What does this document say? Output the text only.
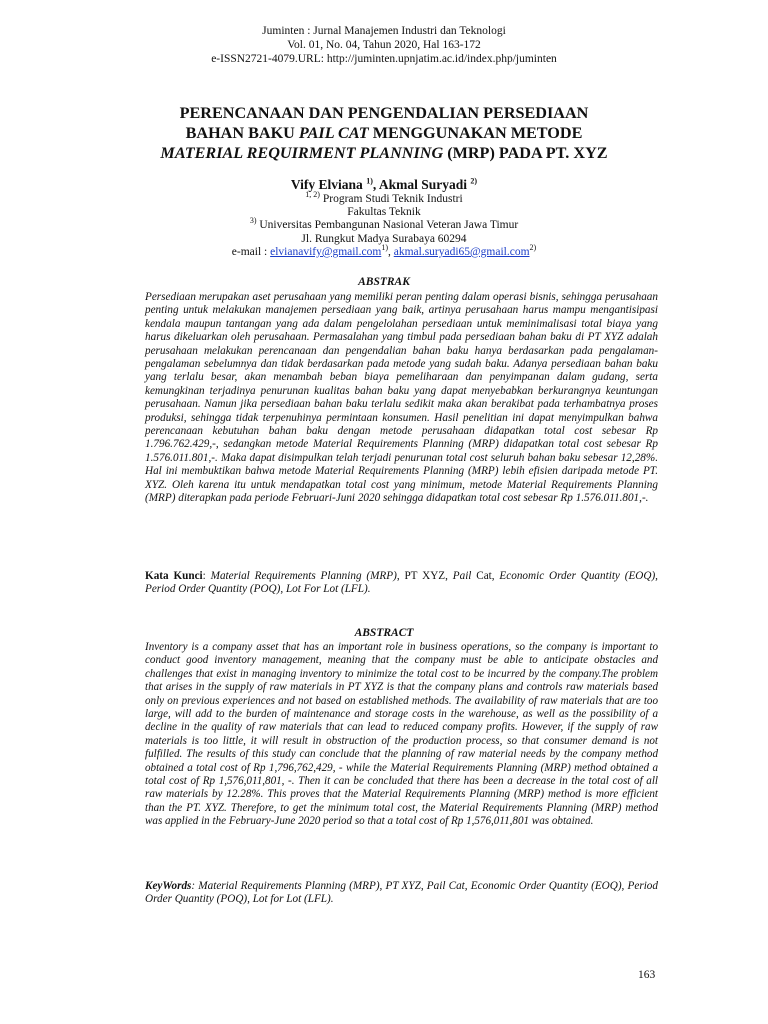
Juminten : Jurnal Manajemen Industri dan Teknologi
Vol. 01, No. 04, Tahun 2020, Hal 163-172
e-ISSN2721-4079.URL: http://juminten.upnjatim.ac.id/index.php/juminten
PERENCANAAN DAN PENGENDALIAN PERSEDIAAN
BAHAN BAKU PAIL CAT MENGGUNAKAN METODE
MATERIAL REQUIRMENT PLANNING (MRP) PADA PT. XYZ
Vify Elviana $^{1)}$, Akmal Suryadi $^{2)}$
$^{1, 2)}$ Program Studi Teknik Industri
Fakultas Teknik
$^{3)}$ Universitas Pembangunan Nasional Veteran Jawa Timur
Jl. Rungkut Madya Surabaya 60294
e-mail : elvianavify@gmail.com$^{1)}$, akmal.suryadi65@gmail.com$^{2)}$
ABSTRAK
Persediaan merupakan aset perusahaan yang memiliki peran penting dalam operasi bisnis, sehingga perusahaan penting untuk melakukan manajemen persediaan yang baik, artinya perusahaan harus mampu mengantisipasi kendala maupun tantangan yang ada dalam pengelolahan persediaan untuk meminimalisasi total biaya yang harus dikeluarkan oleh perusahaan. Permasalahan yang timbul pada persediaan bahan baku di PT XYZ adalah perusahaan melakukan perencanaan dan pengendalian bahan baku hanya berdasarkan pada pengalaman-pengalaman sebelumnya dan tidak berdasarkan pada metode yang sudah baku. Adanya persediaan bahan baku yang terlalu besar, akan menambah beban biaya pemeliharaan dan penyimpanan dalam gudang, serta kemungkinan terjadinya penurunan kualitas bahan baku yang dapat menyebabkan berkurangnya keuntungan perusahaan. Namun jika persediaan bahan baku terlalu sedikit maka akan berakibat pada terhambatnya proses produksi, sehingga tidak terpenuhinya permintaan konsumen. Hasil penelitian ini dapat menyimpulkan bahwa perencanaan kebutuhan bahan baku dengan metode perusahaan didapatkan total cost sebesar Rp 1.796.762.429,-, sedangkan metode Material Requirements Planning (MRP) didapatkan total cost sebesar Rp 1.576.011.801,-. Maka dapat disimpulkan telah terjadi penurunan total cost seluruh bahan baku sebesar 12,28%. Hal ini membuktikan bahwa metode Material Requirements Planning (MRP) lebih efisien daripada metode PT. XYZ. Oleh karena itu untuk mendapatkan total cost yang minimum, metode Material Requirements Planning (MRP) diterapkan pada periode Februari-Juni 2020 sehingga didapatkan total cost sebesar Rp 1.576.011.801,-.
Kata Kunci: Material Requirements Planning (MRP), PT XYZ, Pail Cat, Economic Order Quantity (EOQ), Period Order Quantity (POQ), Lot For Lot (LFL).
ABSTRACT
Inventory is a company asset that has an important role in business operations, so the company is important to conduct good inventory management, meaning that the company must be able to anticipate obstacles and challenges that exist in managing inventory to minimize the total cost to be incurred by the company.The problem that arises in the supply of raw materials in PT XYZ is that the company plans and controls raw materials based only on previous experiences and not based on established methods. The availability of raw materials that are too large, will add to the burden of maintenance and storage costs in the warehouse, as well as the possibility of a decline in the quality of raw materials that can lead to reduced company profits. However, if the supply of raw materials is too little, it will result in obstruction of the production process, so that consumer demand is not fulfilled. The results of this study can conclude that the planning of raw material needs by the company method obtained a total cost of Rp 1,796,762,429, - while the Material Requirements Planning (MRP) method obtained a total cost of Rp 1,576,011,801, -. Then it can be concluded that there has been a decrease in the total cost of all raw materials by 12.28%. This proves that the Material Requirements Planning (MRP) method is more efficient than the PT. XYZ. Therefore, to get the minimum total cost, the Material Requirements Planning (MRP) method was applied in the February-June 2020 period so that a total cost of Rp 1,576,011,801 was obtained.
KeyWords: Material Requirements Planning (MRP), PT XYZ, Pail Cat, Economic Order Quantity (EOQ), Period Order Quantity (POQ), Lot for Lot (LFL).
163
